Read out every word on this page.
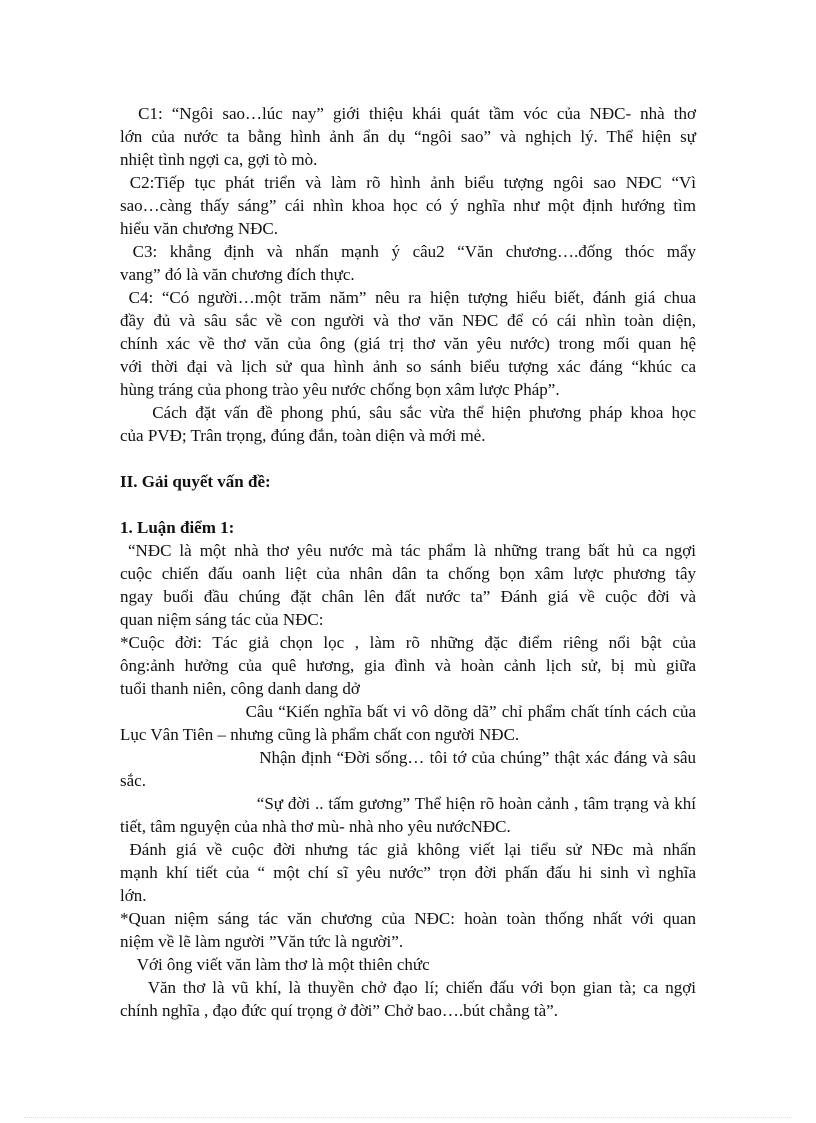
C1: “Ngôi sao…lúc nay” giới thiệu khái quát tầm vóc của NĐC- nhà thơ
lớn của nước ta bằng hình ảnh ẩn dụ “ngôi sao” và nghịch lý. Thể hiện sự
nhiệt tình ngợi ca, gợi tò mò.
C2:Tiếp tục phát triển và làm rõ hình ảnh biểu tượng ngôi sao NĐC “Vì
sao…càng thấy sáng” cái nhìn khoa học có ý nghĩa như một định hướng tìm
hiểu văn chương NĐC.
C3: khẳng định và nhấn mạnh ý câu2 “Văn chương….đống thóc mẩy
vang” đó là văn chương đích thực.
C4: “Có người…một trăm năm” nêu ra hiện tượng hiểu biết, đánh giá chua
đầy đủ và sâu sắc về con người và thơ văn NĐC để có cái nhìn toàn diện,
chính xác về thơ văn của ông (giá trị thơ văn yêu nước) trong mối quan hệ
với thời đại và lịch sử qua hình ảnh so sánh biểu tượng xác đáng “khúc ca
hùng tráng của phong trào yêu nước chống bọn xâm lược Pháp”.
Cách đặt vấn đề phong phú, sâu sắc vừa thể hiện phương pháp khoa học
của PVĐ; Trân trọng, đúng đắn, toàn diện và mới mẻ.
II. Gải quyết vấn đề:
1. Luận điểm 1:
“NĐC là một nhà thơ yêu nước mà tác phẩm là những trang bất hủ ca ngợi
cuộc chiến đấu oanh liệt của nhân dân ta chống bọn xâm lược phương tây
ngay buổi đầu chúng đặt chân lên đất nước ta” Đánh giá về cuộc đời và
quan niệm sáng tác của NĐC:
*Cuộc đời: Tác giả chọn lọc , làm rõ những đặc điểm riêng nổi bật của
ông:ảnh hưởng của quê hương, gia đình và hoàn cảnh lịch sử, bị mù giữa
tuổi thanh niên, công danh dang dở
Câu “Kiến nghĩa bất vi vô dõng dã” chỉ phẩm chất tính cách của
Lục Vân Tiên – nhưng cũng là phẩm chất con người NĐC.
Nhận định “Đời sống… tôi tớ của chúng” thật xác đáng và sâu
sắc.
“Sự đời .. tấm gương” Thể hiện rõ hoàn cảnh , tâm trạng và khí
tiết, tâm nguyện của nhà thơ mù- nhà nho yêu nướcNĐC.
Đánh giá về cuộc đời nhưng tác giả không viết lại tiểu sử NĐc mà nhấn
mạnh khí tiết của “ một chí sĩ yêu nước” trọn đời phấn đấu hi sinh vì nghĩa
lớn.
*Quan niệm sáng tác văn chương của NĐC: hoàn toàn thống nhất với quan
niệm về lẽ làm người ”Văn tức là người”.
Với ông viết văn làm thơ là một thiên chức
Văn thơ là vũ khí, là thuyền chở đạo lí; chiến đấu với bọn gian tà; ca ngợi
chính nghĩa , đạo đức quí trọng ở đời” Chở bao….bút chẳng tà”.
